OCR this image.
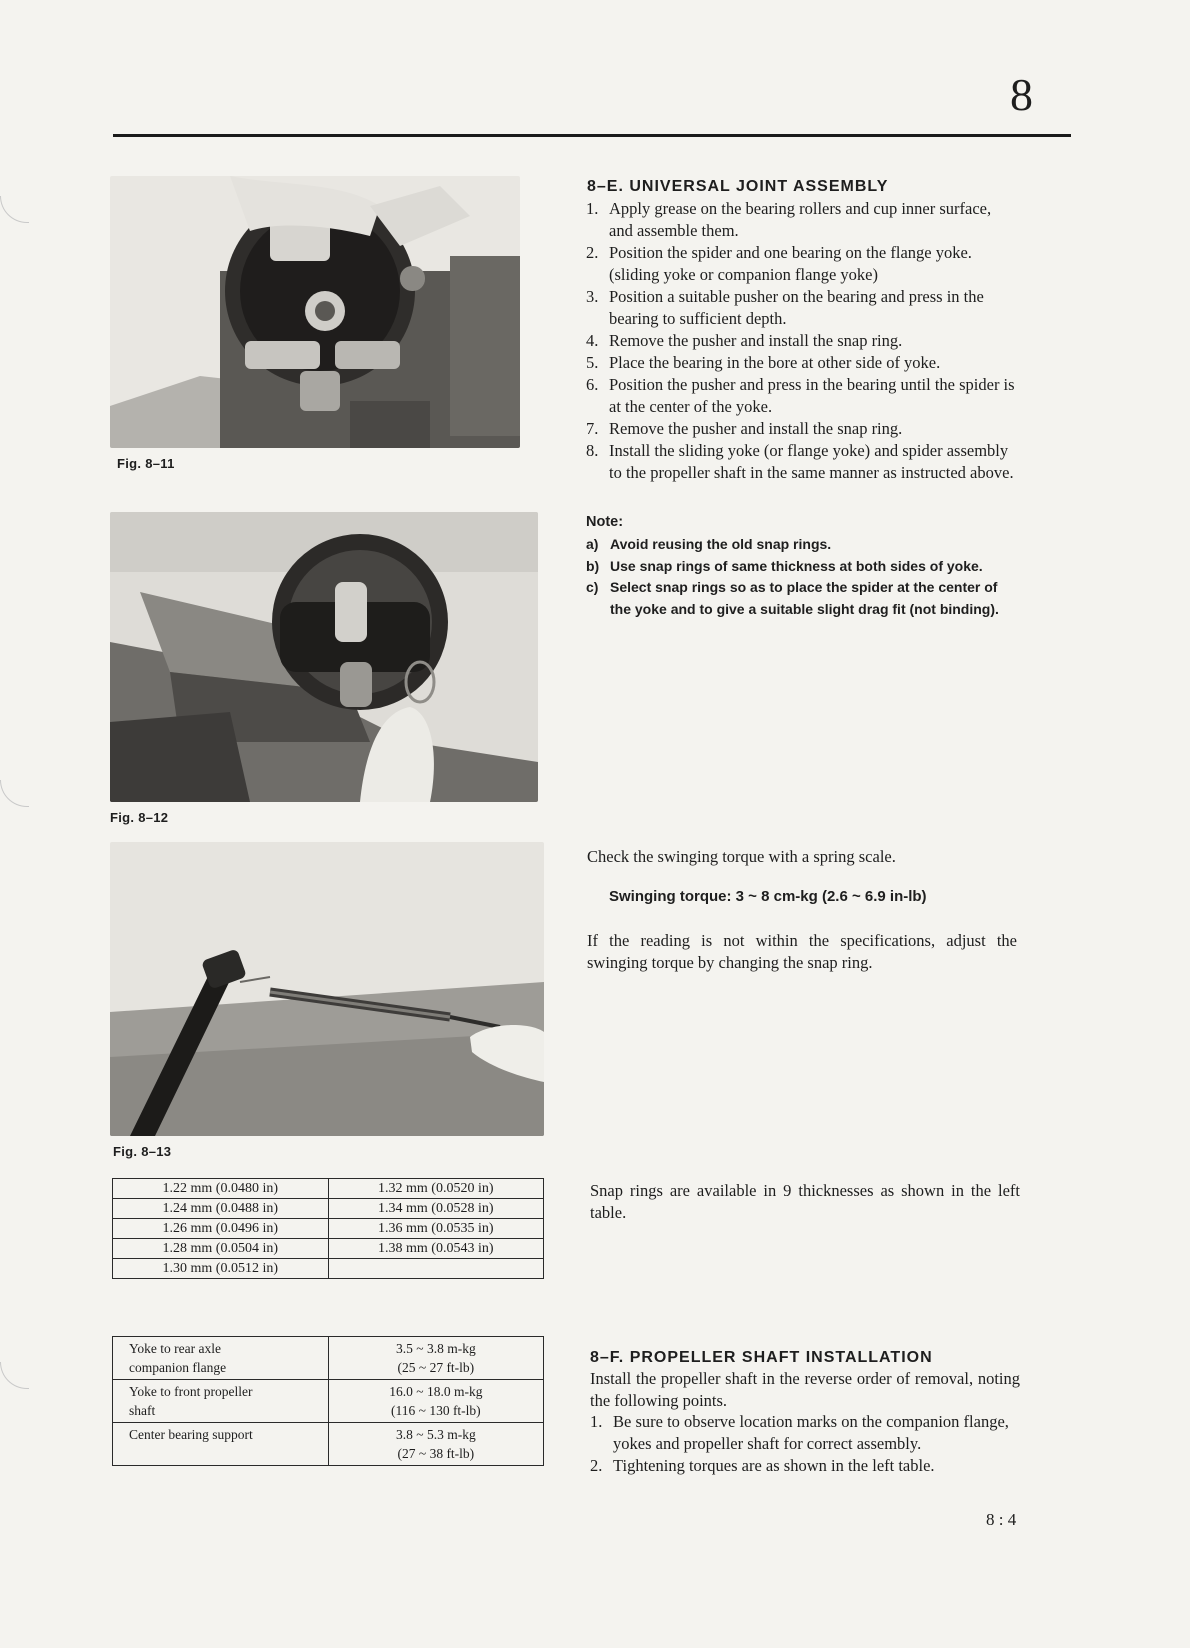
8
Fig. 8–11
Fig. 8–12
Fig. 8–13
8–E. UNIVERSAL JOINT ASSEMBLY
1. Apply grease on the bearing rollers and cup inner surface, and assemble them.
2. Position the spider and one bearing on the flange yoke. (sliding yoke or companion flange yoke)
3. Position a suitable pusher on the bearing and press in the bearing to sufficient depth.
4. Remove the pusher and install the snap ring.
5. Place the bearing in the bore at other side of yoke.
6. Position the pusher and press in the bearing until the spider is at the center of the yoke.
7. Remove the pusher and install the snap ring.
8. Install the sliding yoke (or flange yoke) and spider assembly to the propeller shaft in the same manner as instructed above.
Note:
a) Avoid reusing the old snap rings.
b) Use snap rings of same thickness at both sides of yoke.
c) Select snap rings so as to place the spider at the center of the yoke and to give a suitable slight drag fit (not binding).
Check the swinging torque with a spring scale.
Swinging torque: 3 ~ 8 cm-kg (2.6 ~ 6.9 in-lb)
If the reading is not within the specifications, adjust the swinging torque by changing the snap ring.
1.22 mm (0.0480 in)	1.32 mm (0.0520 in)
1.24 mm (0.0488 in)	1.34 mm (0.0528 in)
1.26 mm (0.0496 in)	1.36 mm (0.0535 in)
1.28 mm (0.0504 in)	1.38 mm (0.0543 in)
1.30 mm (0.0512 in)	
Snap rings are available in 9 thicknesses as shown in the left table.
Yoke to rear axle
companion flange	3.5 ~ 3.8 m-kg
(25 ~ 27 ft-lb)

Yoke to front propeller
shaft	16.0 ~ 18.0 m-kg
(116 ~ 130 ft-lb)

Center bearing support	3.8 ~ 5.3 m-kg
(27 ~ 38 ft-lb)
8–F. PROPELLER SHAFT INSTALLATION
Install the propeller shaft in the reverse order of removal, noting the following points.
1. Be sure to observe location marks on the companion flange, yokes and propeller shaft for correct assembly.
2. Tightening torques are as shown in the left table.
8 : 4
